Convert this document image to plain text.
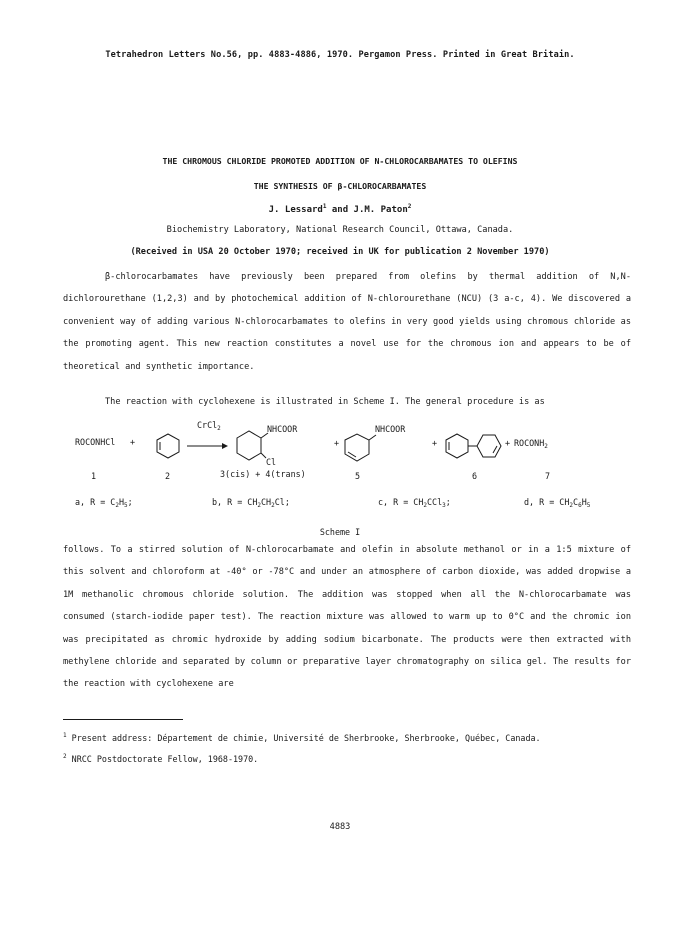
Tetrahedron Letters No.56, pp. 4883-4886, 1970. Pergamon Press. Printed in Great Britain.
THE CHROMOUS CHLORIDE PROMOTED ADDITION OF N-CHLOROCARBAMATES TO OLEFINS
THE SYNTHESIS OF β-CHLOROCARBAMATES
J. Lessard$^1$ and J.M. Paton$^2$
Biochemistry Laboratory, National Research Council, Ottawa, Canada.
(Received in USA 20 October 1970; received in UK for publication 2 November 1970)
β-chlorocarbamates have previously been prepared from olefins by thermal addition of N,N-dichlorourethane (1,2,3) and by photochemical addition of N-chlorourethane (NCU) (3 a-c, 4). We discovered a convenient way of adding various N-chlorocarbamates to olefins in very good yields using chromous chloride as the promoting agent. This new reaction constitutes a novel use for the chromous ion and appears to be of theoretical and synthetic importance.
The reaction with cyclohexene is illustrated in Scheme I. The general procedure is as
ROCONHCl +
CrCl$_2$	NHCOOR
Cl
3(cis) + 4(trans)
+
NHCOOR
+	+ $ROCONH_2$
1	2	5	6	7
a, $R = C_2H_5$;	b, $R = CH_2CH_2Cl$;	c, $R = CH_2CCl_3$;	d, $R = CH_2C_6H_5$
Scheme I
follows. To a stirred solution of N-chlorocarbamate and olefin in absolute methanol or in a 1:5 mixture of this solvent and chloroform at -40° or -78°C and under an atmosphere of carbon dioxide, was added dropwise a 1M methanolic chromous chloride solution. The addition was stopped when all the N-chlorocarbamate was consumed (starch-iodide paper test). The reaction mixture was allowed to warm up to 0°C and the chromic ion was precipitated as chromic hydroxide by adding sodium bicarbonate. The products were then extracted with methylene chloride and separated by column or preparative layer chromatography on silica gel. The results for the reaction with cyclohexene are
$^1$ Present address: Département de chimie, Université de Sherbrooke, Sherbrooke, Québec, Canada.
$^2$ NRCC Postdoctorate Fellow, 1968-1970.
4883
